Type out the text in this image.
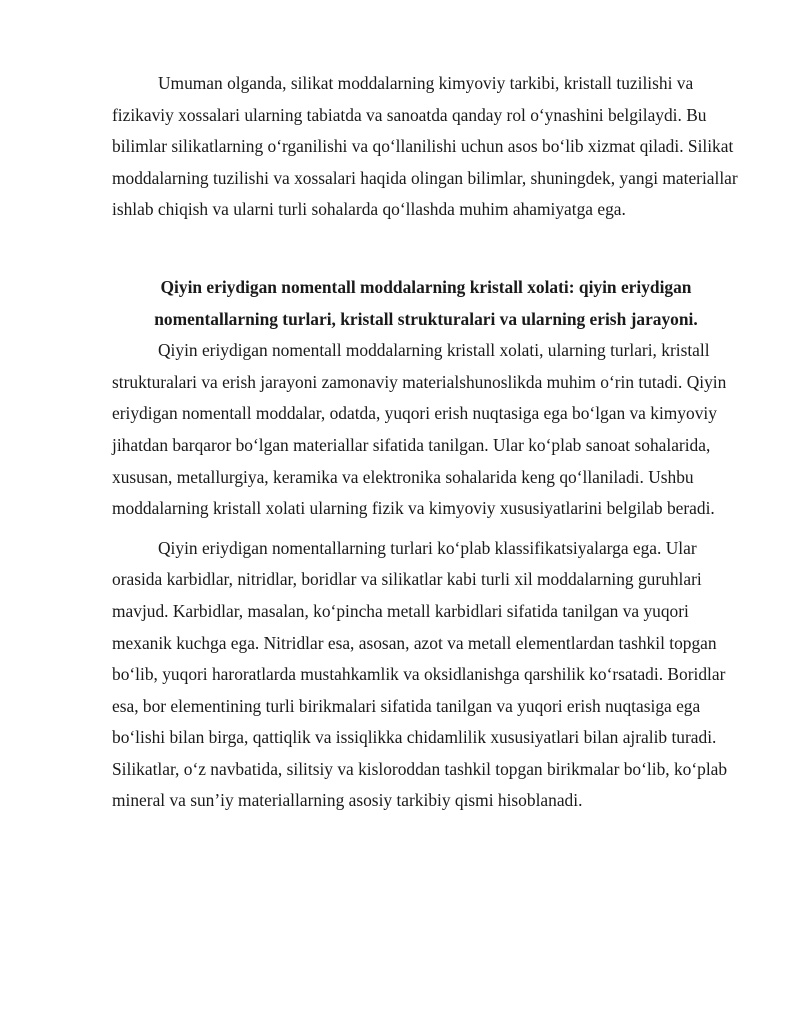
Umuman olganda, silikat moddalarning kimyoviy tarkibi, kristall tuzilishi va fizikaviy xossalari ularning tabiatda va sanoatda qanday rol o‘ynashini belgilaydi. Bu bilimlar silikatlarning o‘rganilishi va qo‘llanilishi uchun asos bo‘lib xizmat qiladi. Silikat moddalarning tuzilishi va xossalari haqida olingan bilimlar, shuningdek, yangi materiallar ishlab chiqish va ularni turli sohalarda qo‘llashda muhim ahamiyatga ega.

Qiyin eriydigan nomentall moddalarning kristall xolati: qiyin eriydigan nomentallarning turlari, kristall strukturalari va ularning erish jarayoni.

Qiyin eriydigan nomentall moddalarning kristall xolati, ularning turlari, kristall strukturalari va erish jarayoni zamonaviy materialshunoslikda muhim o‘rin tutadi. Qiyin eriydigan nomentall moddalar, odatda, yuqori erish nuqtasiga ega bo‘lgan va kimyoviy jihatdan barqaror bo‘lgan materiallar sifatida tanilgan. Ular ko‘plab sanoat sohalarida, xususan, metallurgiya, keramika va elektronika sohalarida keng qo‘llaniladi. Ushbu moddalarning kristall xolati ularning fizik va kimyoviy xususiyatlarini belgilab beradi.

Qiyin eriydigan nomentallarning turlari ko‘plab klassifikatsiyalarga ega. Ular orasida karbidlar, nitridlar, boridlar va silikatlar kabi turli xil moddalarning guruhlari mavjud. Karbidlar, masalan, ko‘pincha metall karbidlari sifatida tanilgan va yuqori mexanik kuchga ega. Nitridlar esa, asosan, azot va metall elementlardan tashkil topgan bo‘lib, yuqori haroratlarda mustahkamlik va oksidlanishga qarshilik ko‘rsatadi. Boridlar esa, bor elementining turli birikmalari sifatida tanilgan va yuqori erish nuqtasiga ega bo‘lishi bilan birga, qattiqlik va issiqlikka chidamlilik xususiyatlari bilan ajralib turadi. Silikatlar, o‘z navbatida, silitsiy va kisloroddan tashkil topgan birikmalar bo‘lib, ko‘plab mineral va sun’iy materiallarning asosiy tarkibiy qismi hisoblanadi.
